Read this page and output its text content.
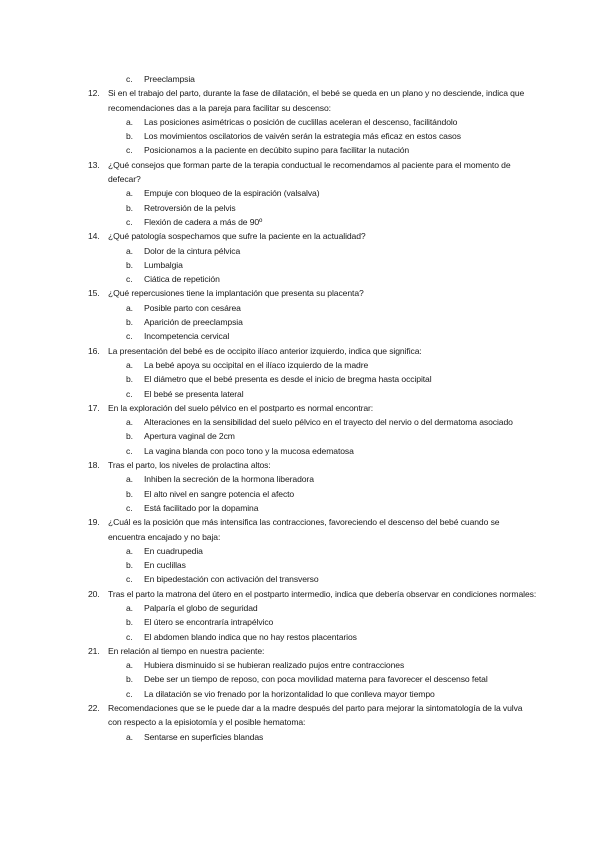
c. Preeclampsia
12. Si en el trabajo del parto, durante la fase de dilatación, el bebé se queda en un plano y no desciende, indica que recomendaciones das a la pareja para facilitar su descenso:
a. Las posiciones asimétricas o posición de cuclillas aceleran el descenso, facilitándolo
b. Los movimientos oscilatorios de vaivén serán la estrategia más eficaz en estos casos
c. Posicionamos a la paciente en decúbito supino para facilitar la nutación
13. ¿Qué consejos que forman parte de la terapia conductual le recomendamos al paciente para el momento de defecar?
a. Empuje con bloqueo de la espiración (valsalva)
b. Retroversión de la pelvis
c. Flexión de cadera a más de 90º
14. ¿Qué patología sospechamos que sufre la paciente en la actualidad?
a. Dolor de la cintura pélvica
b. Lumbalgia
c. Ciática de repetición
15. ¿Qué repercusiones tiene la implantación que presenta su placenta?
a. Posible parto con cesárea
b. Aparición de preeclampsia
c. Incompetencia cervical
16. La presentación del bebé es de occipito ilíaco anterior izquierdo, indica que significa:
a. La bebé apoya su occipital en el ilíaco izquierdo de la madre
b. El diámetro que el bebé presenta es desde el inicio de bregma hasta occipital
c. El bebé se presenta lateral
17. En la exploración del suelo pélvico en el postparto es normal encontrar:
a. Alteraciones en la sensibilidad del suelo pélvico en el trayecto del nervio o del dermatoma asociado
b. Apertura vaginal de 2cm
c. La vagina blanda con poco tono y la mucosa edematosa
18. Tras el parto, los niveles de prolactina altos:
a. Inhiben la secreción de la hormona liberadora
b. El alto nivel en sangre potencia el afecto
c. Está facilitado por la dopamina
19. ¿Cuál es la posición que más intensifica las contracciones, favoreciendo el descenso del bebé cuando se encuentra encajado y no baja:
a. En cuadrupedia
b. En cuclillas
c. En bipedestación con activación del transverso
20. Tras el parto la matrona del útero en el postparto intermedio, indica que debería observar en condiciones normales:
a. Palparía el globo de seguridad
b. El útero se encontraría intrapélvico
c. El abdomen blando indica que no hay restos placentarios
21. En relación al tiempo en nuestra paciente:
a. Hubiera disminuido si se hubieran realizado pujos entre contracciones
b. Debe ser un tiempo de reposo, con poca movilidad materna para favorecer el descenso fetal
c. La dilatación se vio frenado por la horizontalidad lo que conlleva mayor tiempo
22. Recomendaciones que se le puede dar a la madre después del parto para mejorar la sintomatología de la vulva con respecto a la episiotomía y el posible hematoma:
a. Sentarse en superficies blandas
